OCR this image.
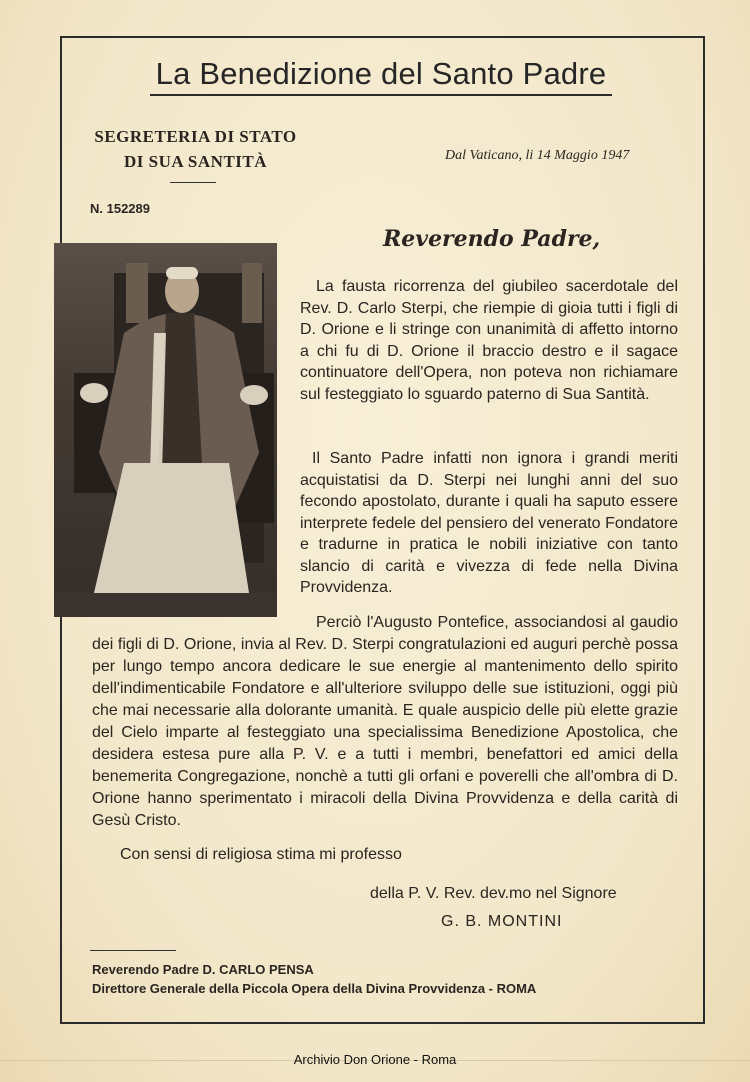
La Benedizione del Santo Padre
SEGRETERIA DI STATO
DI SUA SANTITÀ	Dal Vaticano, li 14 Maggio 1947
N. 152289
Reverendo Padre,
La fausta ricorrenza del giubileo sacerdotale del Rev. D. Carlo Sterpi, che riempie di gioia tutti i figli di D. Orione e li stringe con unanimità di affetto intorno a chi fu di D. Orione il braccio destro e il sagace continuatore dell'Opera, non poteva non richiamare sul festeggiato lo sguardo paterno di Sua Santità.
Il Santo Padre infatti non ignora i grandi meriti acquistatisi da D. Sterpi nei lunghi anni del suo fecondo apostolato, durante i quali ha saputo essere interprete fedele del pensiero del venerato Fondatore e tradurne in pratica le nobili iniziative con tanto slancio di carità e vivezza di fede nella Divina Provvidenza.
Perciò l'Augusto Pontefice, associandosi al gaudio dei figli di D. Orione, invia al Rev. D. Sterpi congratulazioni ed auguri perchè possa per lungo tempo ancora dedicare le sue energie al mantenimento dello spirito dell'indimenticabile Fondatore e all'ulteriore sviluppo delle sue istituzioni, oggi più che mai necessarie alla dolorante umanità. E quale auspicio delle più elette grazie del Cielo imparte al festeggiato una specialissima Benedizione Apostolica, che desidera estesa pure alla P. V. e a tutti i membri, benefattori ed amici della benemerita Congregazione, nonchè a tutti gli orfani e poverelli che all'ombra di D. Orione hanno sperimentato i miracoli della Divina Provvidenza e della carità di Gesù Cristo.
Con sensi di religiosa stima mi professo
della P. V. Rev. dev.mo nel Signore
G. B. MONTINI
Reverendo Padre D. CARLO PENSA
Direttore Generale della Piccola Opera della Divina Provvidenza - ROMA
Archivio Don Orione - Roma
